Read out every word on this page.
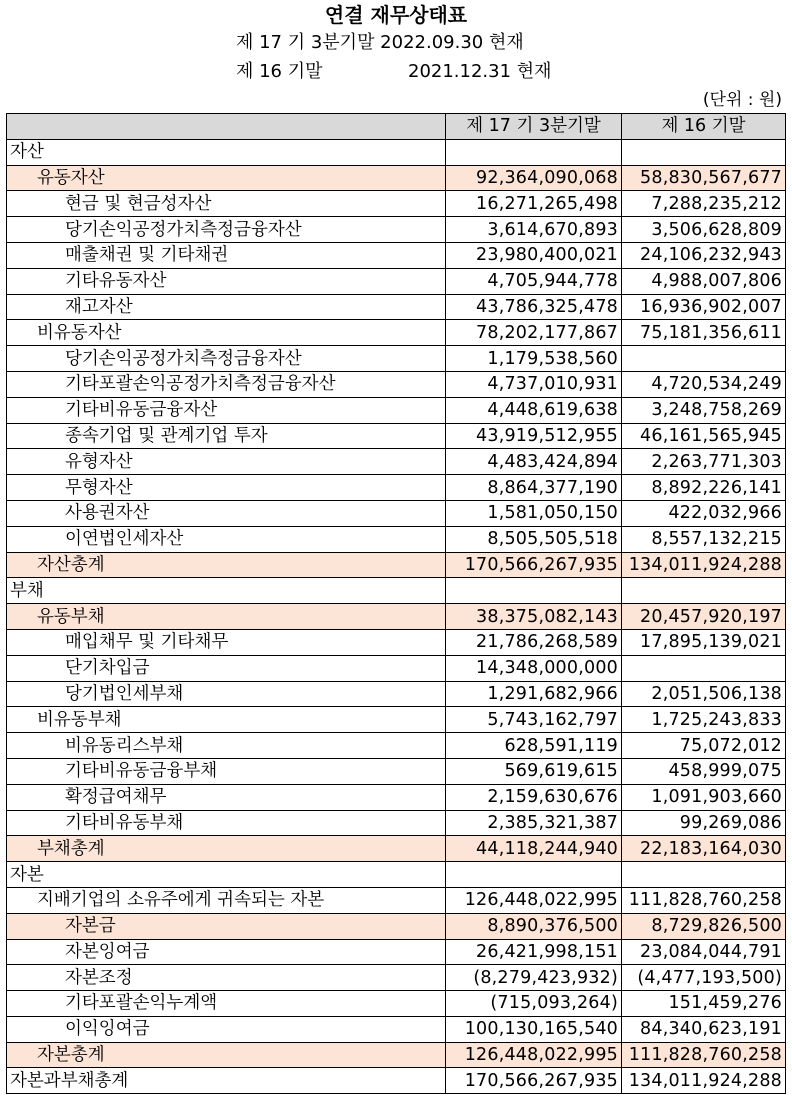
연결 재무상태표
제 17 기 3분기말 2022.09.30 현재
제 16 기말	2021.12.31 현재
(단위 : 원)
	제 17 기 3분기말	제 16 기말
자산		
유동자산	92,364,090,068	58,830,567,677
현금 및 현금성자산	16,271,265,498	7,288,235,212
당기손익공정가치측정금융자산	3,614,670,893	3,506,628,809
매출채권 및 기타채권	23,980,400,021	24,106,232,943
기타유동자산	4,705,944,778	4,988,007,806
재고자산	43,786,325,478	16,936,902,007
비유동자산	78,202,177,867	75,181,356,611
당기손익공정가치측정금융자산	1,179,538,560	
기타포괄손익공정가치측정금융자산	4,737,010,931	4,720,534,249
기타비유동금융자산	4,448,619,638	3,248,758,269
종속기업 및 관계기업 투자	43,919,512,955	46,161,565,945
유형자산	4,483,424,894	2,263,771,303
무형자산	8,864,377,190	8,892,226,141
사용권자산	1,581,050,150	422,032,966
이연법인세자산	8,505,505,518	8,557,132,215
자산총계	170,566,267,935	134,011,924,288
부채		
유동부채	38,375,082,143	20,457,920,197
매입채무 및 기타채무	21,786,268,589	17,895,139,021
단기차입금	14,348,000,000	
당기법인세부채	1,291,682,966	2,051,506,138
비유동부채	5,743,162,797	1,725,243,833
비유동리스부채	628,591,119	75,072,012
기타비유동금융부채	569,619,615	458,999,075
확정급여채무	2,159,630,676	1,091,903,660
기타비유동부채	2,385,321,387	99,269,086
부채총계	44,118,244,940	22,183,164,030
자본		
지배기업의 소유주에게 귀속되는 자본	126,448,022,995	111,828,760,258
자본금	8,890,376,500	8,729,826,500
자본잉여금	26,421,998,151	23,084,044,791
자본조정	(8,279,423,932)	(4,477,193,500)
기타포괄손익누계액	(715,093,264)	151,459,276
이익잉여금	100,130,165,540	84,340,623,191
자본총계	126,448,022,995	111,828,760,258
자본과부채총계	170,566,267,935	134,011,924,288
